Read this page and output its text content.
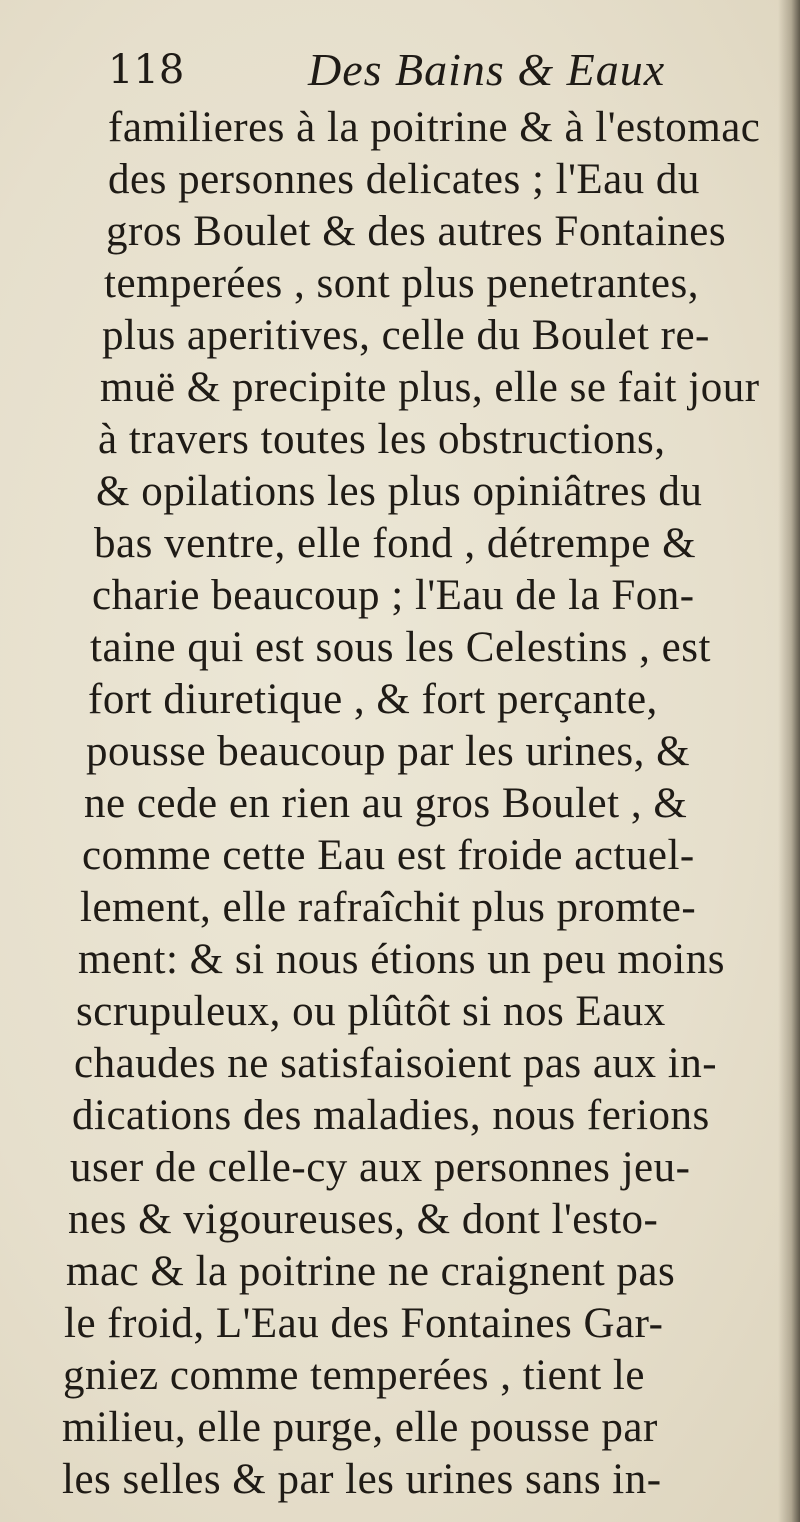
118	Des Bains & Eaux
familieres à la poitrine & à l'estomac
des personnes delicates ; l'Eau du
gros Boulet & des autres Fontaines
temperées , sont plus penetrantes,
plus aperitives, celle du Boulet re-
muë & precipite plus, elle se fait jour
à travers toutes les obstructions,
& opilations les plus opiniâtres du
bas ventre, elle fond , détrempe &
charie beaucoup ; l'Eau de la Fon-
taine qui est sous les Celestins , est
fort diuretique , & fort perçante,
pousse beaucoup par les urines, &
ne cede en rien au gros Boulet , &
comme cette Eau est froide actuel-
lement, elle rafraîchit plus promte-
ment: & si nous étions un peu moins
scrupuleux, ou plûtôt si nos Eaux
chaudes ne satisfaisoient pas aux in-
dications des maladies, nous ferions
user de celle-cy aux personnes jeu-
nes & vigoureuses, & dont l'esto-
mac & la poitrine ne craignent pas
le froid, L'Eau des Fontaines Gar-
gniez comme temperées , tient le
milieu, elle purge, elle pousse par
les selles & par les urines sans in-
